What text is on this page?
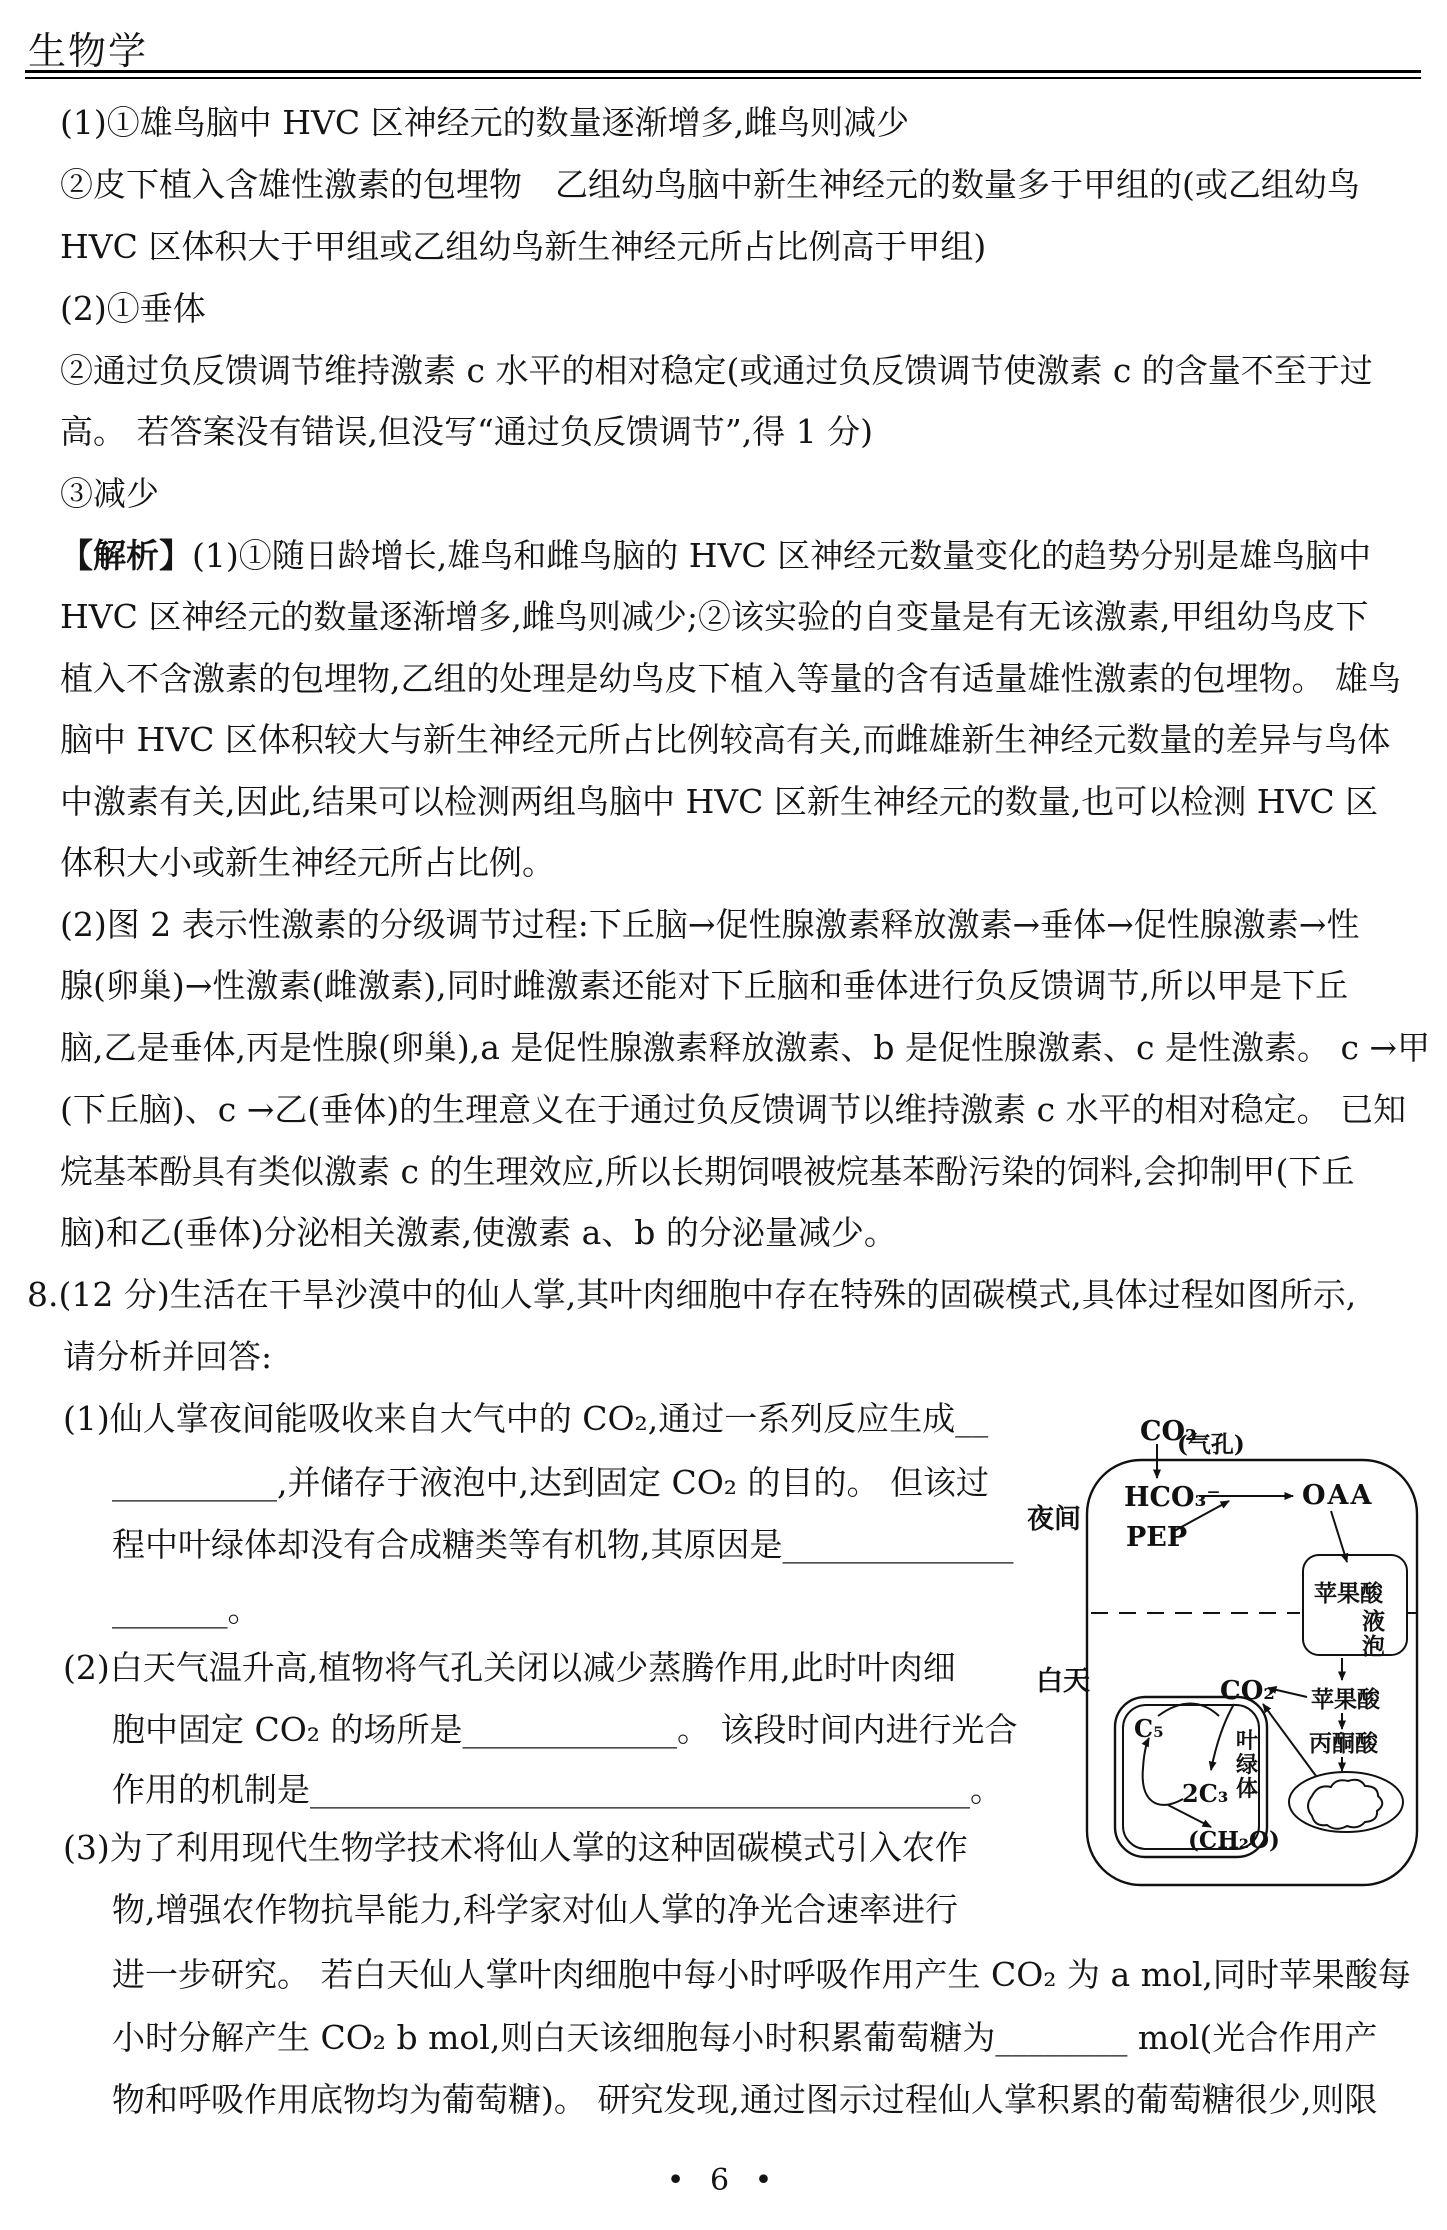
生物学
(1)①雄鸟脑中 HVC 区神经元的数量逐渐增多,雌鸟则减少
②皮下植入含雄性激素的包埋物　乙组幼鸟脑中新生神经元的数量多于甲组的(或乙组幼鸟
HVC 区体积大于甲组或乙组幼鸟新生神经元所占比例高于甲组)
(2)①垂体
②通过负反馈调节维持激素 c 水平的相对稳定(或通过负反馈调节使激素 c 的含量不至于过
高。 若答案没有错误,但没写“通过负反馈调节”,得 1 分)
③减少
【解析】(1)①随日龄增长,雄鸟和雌鸟脑的 HVC 区神经元数量变化的趋势分别是雄鸟脑中
HVC 区神经元的数量逐渐增多,雌鸟则减少;②该实验的自变量是有无该激素,甲组幼鸟皮下
植入不含激素的包埋物,乙组的处理是幼鸟皮下植入等量的含有适量雄性激素的包埋物。 雄鸟
脑中 HVC 区体积较大与新生神经元所占比例较高有关,而雌雄新生神经元数量的差异与鸟体
中激素有关,因此,结果可以检测两组鸟脑中 HVC 区新生神经元的数量,也可以检测 HVC 区
体积大小或新生神经元所占比例。
(2)图 2 表示性激素的分级调节过程:下丘脑→促性腺激素释放激素→垂体→促性腺激素→性
腺(卵巢)→性激素(雌激素),同时雌激素还能对下丘脑和垂体进行负反馈调节,所以甲是下丘
脑,乙是垂体,丙是性腺(卵巢),a 是促性腺激素释放激素、b 是促性腺激素、c 是性激素。 c →甲
(下丘脑)、c →乙(垂体)的生理意义在于通过负反馈调节以维持激素 c 水平的相对稳定。 已知
烷基苯酚具有类似激素 c 的生理效应,所以长期饲喂被烷基苯酚污染的饲料,会抑制甲(下丘
脑)和乙(垂体)分泌相关激素,使激素 a、b 的分泌量减少。
8.(12 分)生活在干旱沙漠中的仙人掌,其叶肉细胞中存在特殊的固碳模式,具体过程如图所示,
请分析并回答:
(1)仙人掌夜间能吸收来自大气中的 CO₂,通过一系列反应生成__
__________,并储存于液泡中,达到固定 CO₂ 的目的。 但该过
程中叶绿体却没有合成糖类等有机物,其原因是______________
_______。
(2)白天气温升高,植物将气孔关闭以减少蒸腾作用,此时叶肉细
胞中固定 CO₂ 的场所是_____________。 该段时间内进行光合
作用的机制是________________________________________。
(3)为了利用现代生物学技术将仙人掌的这种固碳模式引入农作
物,增强农作物抗旱能力,科学家对仙人掌的净光合速率进行
进一步研究。 若白天仙人掌叶肉细胞中每小时呼吸作用产生 CO₂ 为 a mol,同时苹果酸每
小时分解产生 CO₂ b mol,则白天该细胞每小时积累葡萄糖为________ mol(光合作用产
物和呼吸作用底物均为葡萄糖)。 研究发现,通过图示过程仙人掌积累的葡萄糖很少,则限
CO₂
(气孔)
夜间
HCO₃⁻	OAA
PEP
苹果酸
液
泡
白天
苹果酸
CO₂
丙酮酸
C₅
2C₃
(CH₂O)
叶
绿
体
• 6 •
